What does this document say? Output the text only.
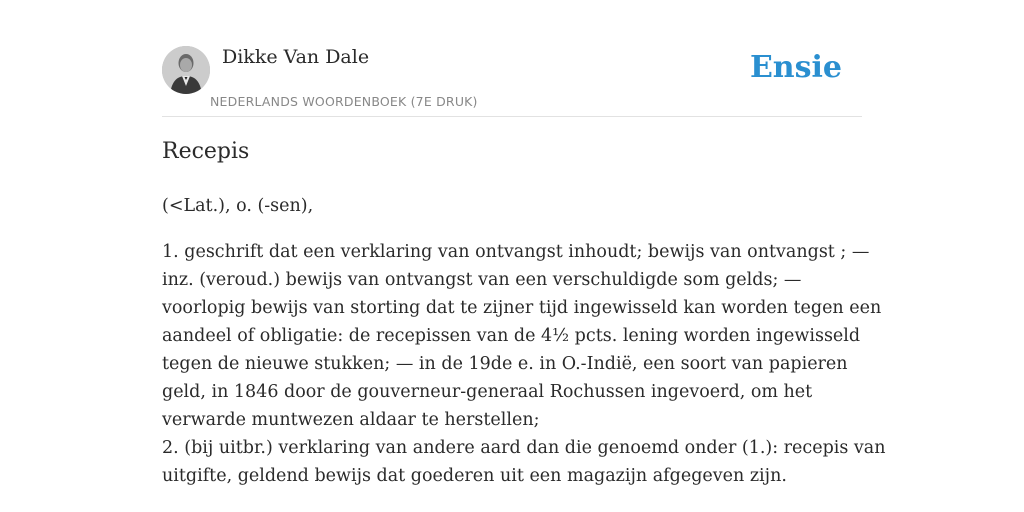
Dikke Van Dale
NEDERLANDS WOORDENBOEK (7E DRUK)
Ensie
Recepis

(<Lat.), o. (-sen),

1. geschrift dat een verklaring van ontvangst inhoudt; bewijs van ontvangst ; —
inz. (veroud.) bewijs van ontvangst van een verschuldigde som gelds; —
voorlopig bewijs van storting dat te zijner tijd ingewisseld kan worden tegen een
aandeel of obligatie: de recepissen van de 4½ pcts. lening worden ingewisseld
tegen de nieuwe stukken; — in de 19de e. in O.-Indië, een soort van papieren
geld, in 1846 door de gouverneur-generaal Rochussen ingevoerd, om het
verwarde muntwezen aldaar te herstellen;
2. (bij uitbr.) verklaring van andere aard dan die genoemd onder (1.): recepis van
uitgifte, geldend bewijs dat goederen uit een magazijn afgegeven zijn.
